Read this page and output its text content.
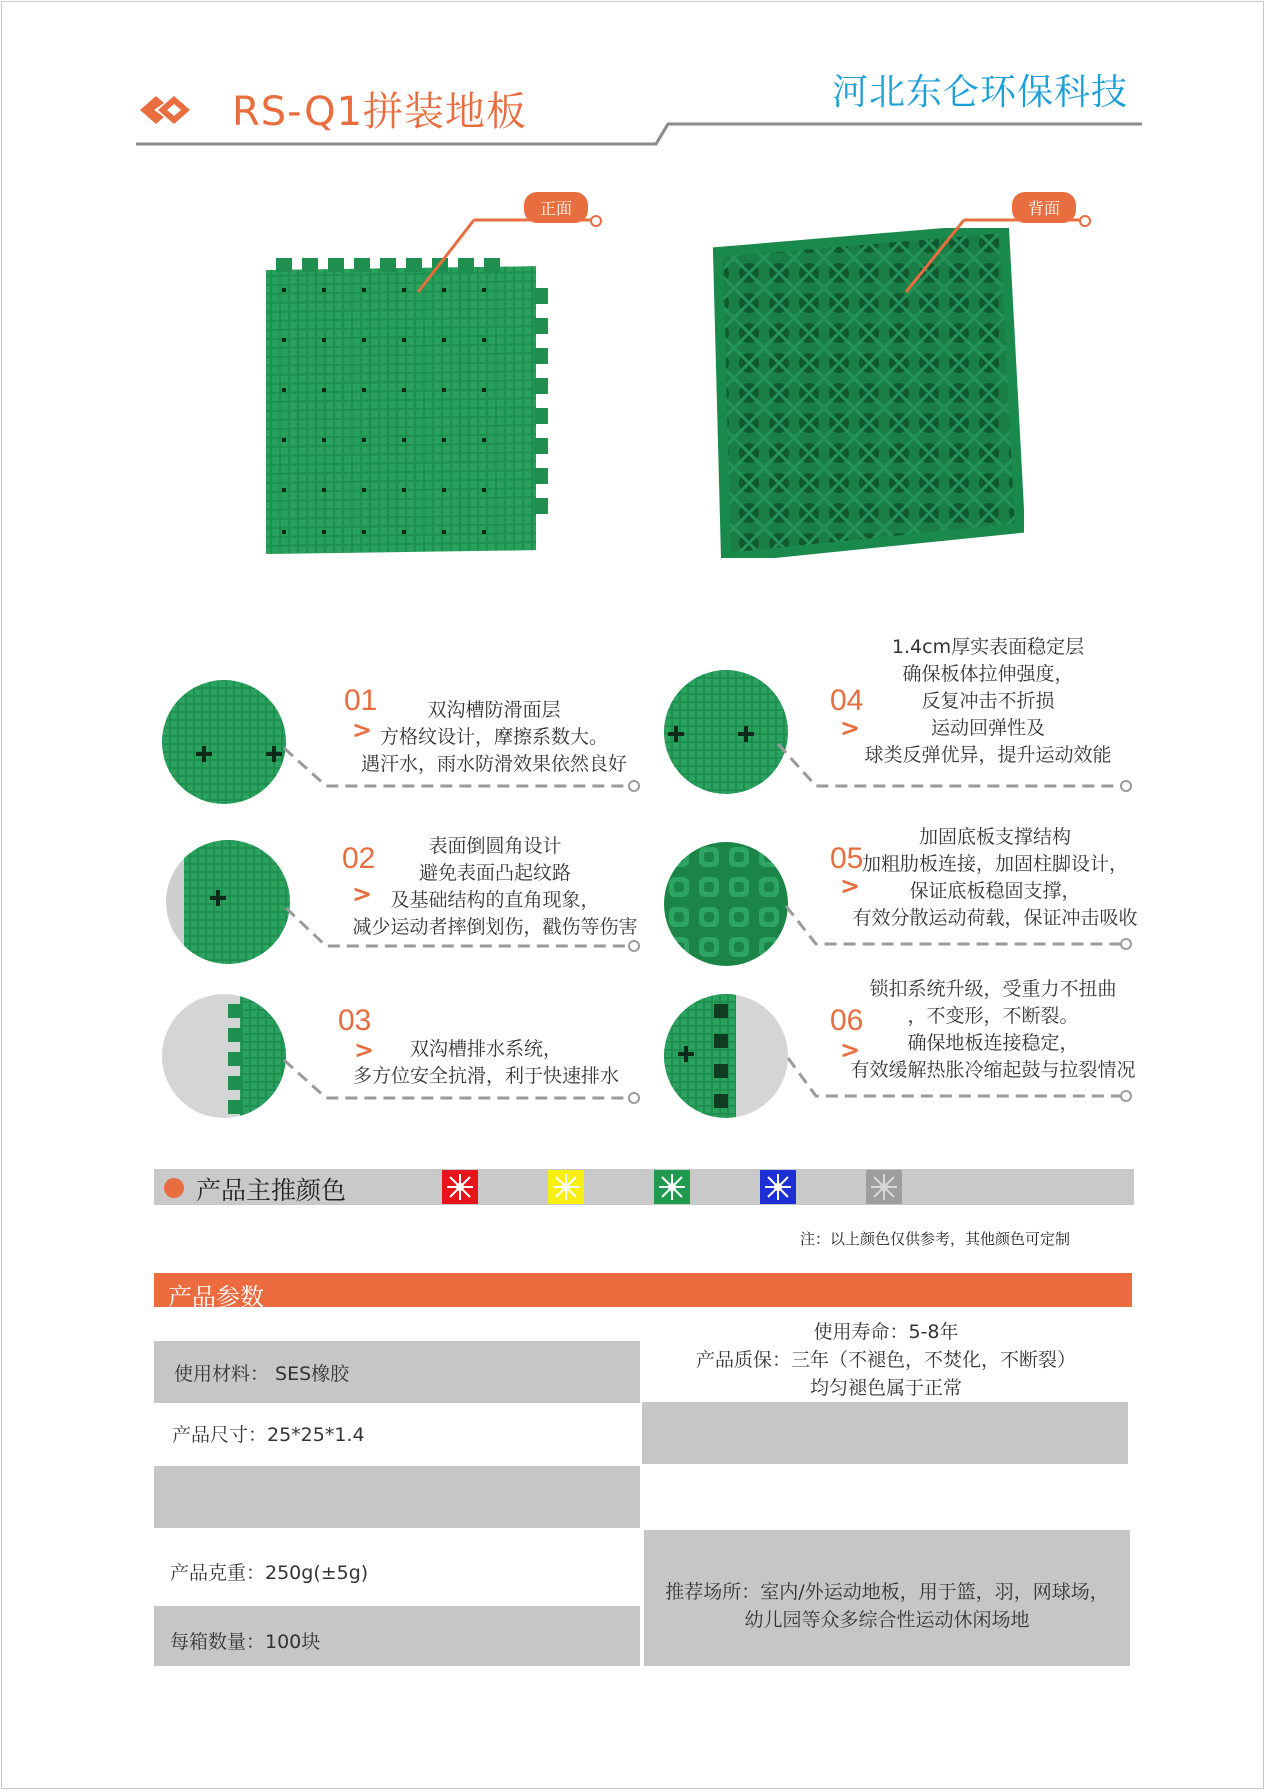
RS-Q1拼装地板	河北东仑环保科技
正面	背面
01
>
双沟槽防滑面层
方格纹设计，摩擦系数大。
遇汗水，雨水防滑效果依然良好
02
>
表面倒圆角设计
避免表面凸起纹路
及基础结构的直角现象，
减少运动者摔倒划伤，戳伤等伤害
03
>	双沟槽排水系统，
多方位安全抗滑，利于快速排水
04
>
1.4cm厚实表面稳定层
确保板体拉伸强度，
反复冲击不折损
运动回弹性及
球类反弹优异，提升运动效能
05
>
加固底板支撑结构
加粗肋板连接，加固柱脚设计，
保证底板稳固支撑，
有效分散运动荷载，保证冲击吸收
06
>
锁扣系统升级，受重力不扭曲
，不变形，不断裂。
确保地板连接稳定，
有效缓解热胀冷缩起鼓与拉裂情况
产品主推颜色
注：以上颜色仅供参考，其他颜色可定制
产品参数
使用材料： SES橡胶
产品尺寸：25*25*1.4
产品克重：250g(±5g)
每箱数量：100块
使用寿命：5-8年
产品质保：三年（不褪色，不焚化，不断裂）
均匀褪色属于正常
推荐场所：室内/外运动地板，用于篮，羽，网球场，
幼儿园等众多综合性运动休闲场地
